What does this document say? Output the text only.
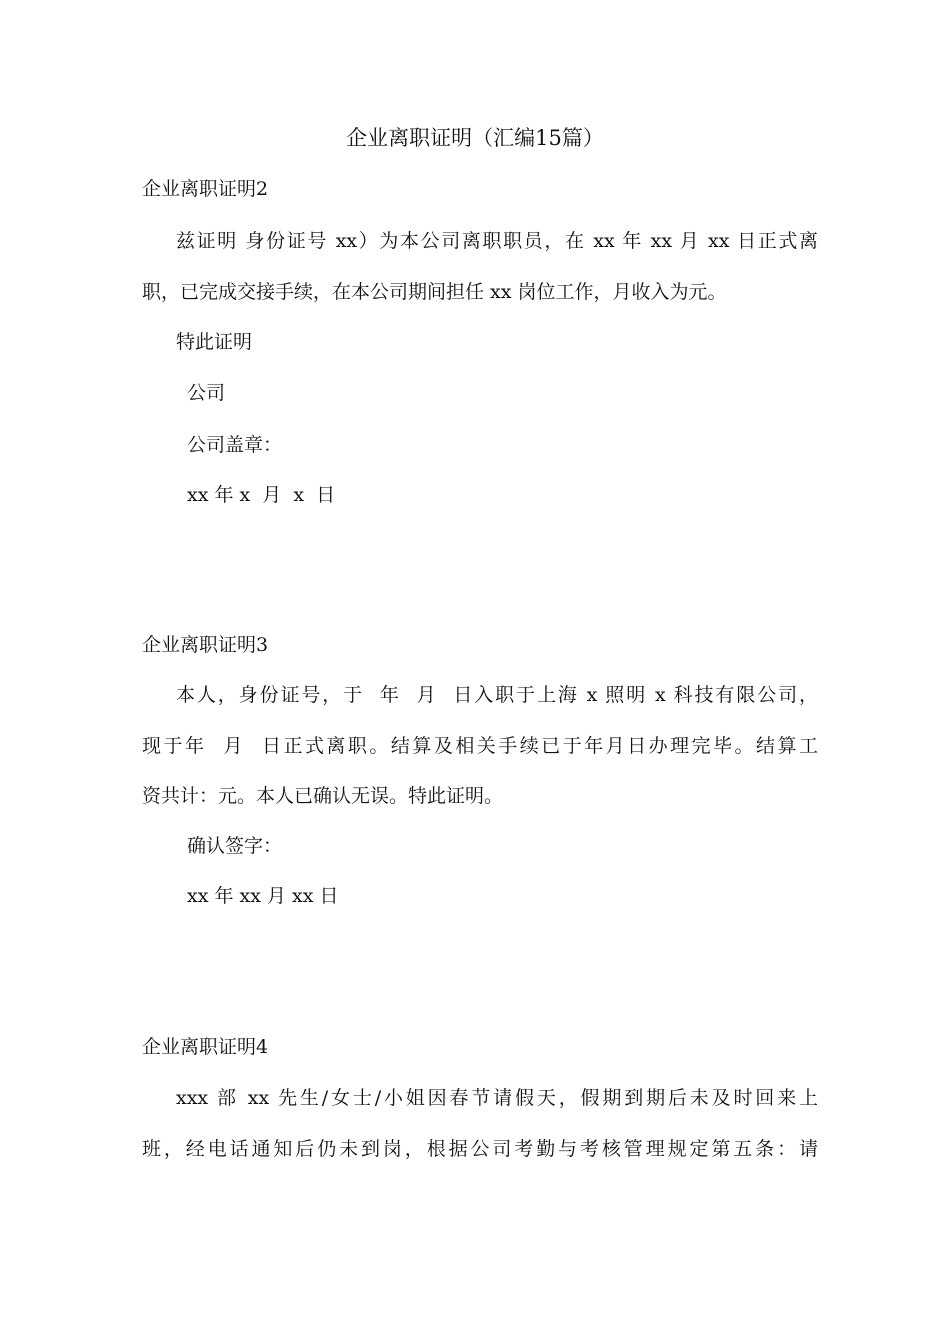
企业离职证明（汇编15篇）
企业离职证明2
兹证明 身份证号 xx）为本公司离职职员，在 xx 年 xx 月 xx 日正式离
职，已完成交接手续，在本公司期间担任 xx 岗位工作，月收入为元。
特此证明
公司
公司盖章：
xx 年 x  月  x  日
企业离职证明3
本人，身份证号，于  年  月  日入职于上海 x 照明 x 科技有限公司，
现于年  月  日正式离职。结算及相关手续已于年月日办理完毕。结算工
资共计：元。本人已确认无误。特此证明。
确认签字：
xx 年 xx 月 xx 日
企业离职证明4
xxx 部 xx 先生/女士/小姐因春节请假天，假期到期后未及时回来上
班，经电话通知后仍未到岗，根据公司考勤与考核管理规定第五条：请
